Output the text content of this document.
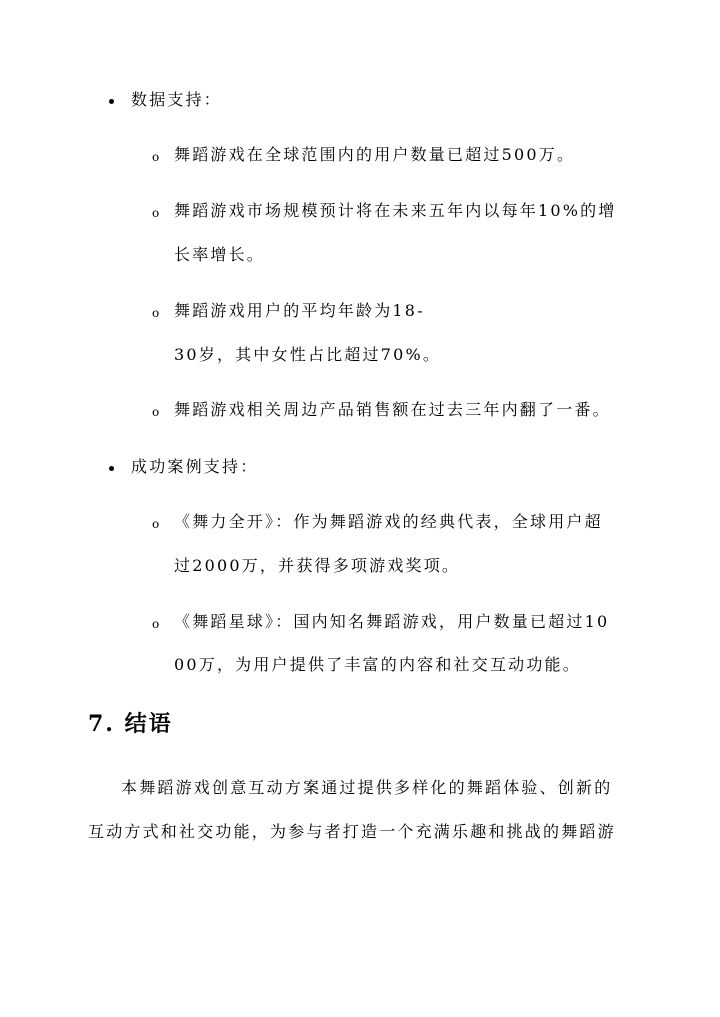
数据支持：
o 舞蹈游戏在全球范围内的用户数量已超过500万。
o 舞蹈游戏市场规模预计将在未来五年内以每年10%的增
长率增长。
o 舞蹈游戏用户的平均年龄为18-
30岁，其中女性占比超过70%。
o 舞蹈游戏相关周边产品销售额在过去三年内翻了一番。
成功案例支持：
o 《舞力全开》：作为舞蹈游戏的经典代表，全球用户超
过2000万，并获得多项游戏奖项。
o 《舞蹈星球》：国内知名舞蹈游戏，用户数量已超过10
00万，为用户提供了丰富的内容和社交互动功能。
7. 结语
本舞蹈游戏创意互动方案通过提供多样化的舞蹈体验、创新的
互动方式和社交功能，为参与者打造一个充满乐趣和挑战的舞蹈游
